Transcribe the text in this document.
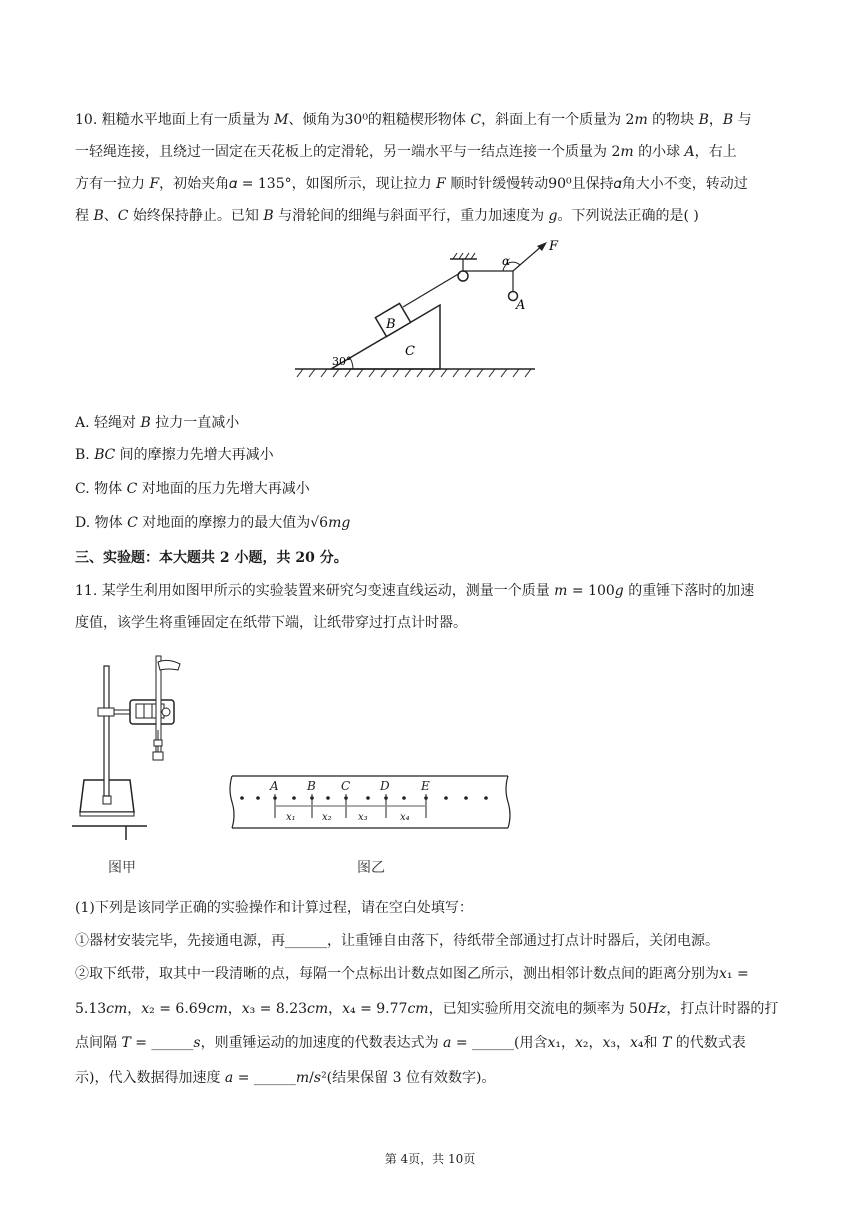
10. 粗糙水平地面上有一质量为 𝑀、倾角为30⁰的粗糙楔形物体 𝐶，斜面上有一个质量为 2𝑚 的物块 𝐵，𝐵 与
一轻绳连接，且绕过一固定在天花板上的定滑轮，另一端水平与一结点连接一个质量为 2𝑚 的小球 𝐴，右上
方有一拉力 𝐹，初始夹角𝛼 = 135°，如图所示，现让拉力 𝐹 顺时针缓慢转动90⁰且保持𝛼角大小不变，转动过
程 𝐵、𝐶 始终保持静止。已知 𝐵 与滑轮间的细绳与斜面平行，重力加速度为 𝑔。下列说法正确的是( )
F
α
A
B
C
30°
A. 轻绳对 𝐵 拉力一直减小
B. 𝐵𝐶 间的摩擦力先增大再减小
C. 物体 𝐶 对地面的压力先增大再减小
D. 物体 𝐶 对地面的摩擦力的最大值为√6𝑚𝑔
三、实验题：本大题共 2 小题，共 20 分。
11. 某学生利用如图甲所示的实验装置来研究匀变速直线运动，测量一个质量 𝑚 = 100𝑔 的重锤下落时的加速
度值，该学生将重锤固定在纸带下端，让纸带穿过打点计时器。
A B C D	E
x₁	x₂	x₃	x₄
图甲	图乙
(1)下列是该同学正确的实验操作和计算过程，请在空白处填写：
①器材安装完毕，先接通电源，再______，让重锤自由落下，待纸带全部通过打点计时器后，关闭电源。
②取下纸带，取其中一段清晰的点，每隔一个点标出计数点如图乙所示，测出相邻计数点间的距离分别为𝑥₁ =
5.13𝑐𝑚，𝑥₂ = 6.69𝑐𝑚，𝑥₃ = 8.23𝑐𝑚，𝑥₄ = 9.77𝑐𝑚，已知实验所用交流电的频率为 50𝐻𝑧，打点计时器的打
点间隔 𝑇 = ______𝑠，则重锤运动的加速度的代数表达式为 𝑎 = ______(用含𝑥₁，𝑥₂，𝑥₃，𝑥₄和 𝑇 的代数式表
示)，代入数据得加速度 𝑎 = ______𝑚/𝑠²(结果保留 3 位有效数字)。
第 4页，共 10页
